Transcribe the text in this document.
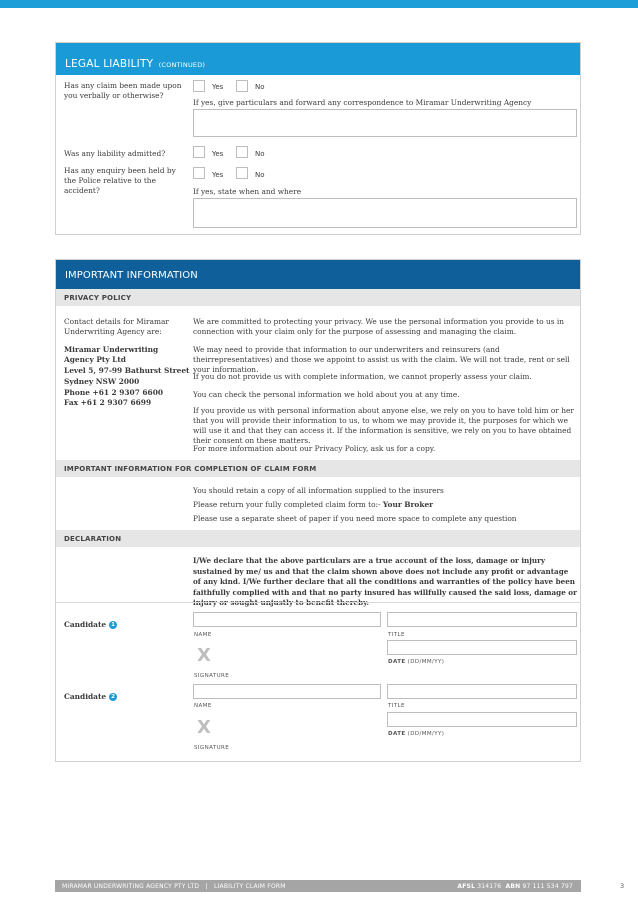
LEGAL LIABILITY (CONTINUED)
Has any claim been made upon you verbally or otherwise?
Yes	No
If yes, give particulars and forward any correspondence to Miramar Underwriting Agency
Was any liability admitted?	Yes	No
Has any enquiry been held by the Police relative to the accident?
Yes	No
If yes, state when and where
IMPORTANT INFORMATION
PRIVACY POLICY
Contact details for Miramar Underwriting Agency are:
Miramar Underwriting
Agency Pty Ltd
Level 5, 97-99 Bathurst Street
Sydney NSW 2000
Phone +61 2 9307 6600
Fax +61 2 9307 6699
We are committed to protecting your privacy. We use the personal information you provide to us in connection with your claim only for the purpose of assessing and managing the claim.
We may need to provide that information to our underwriters and reinsurers (and theirrepresentatives) and those we appoint to assist us with the claim. We will not trade, rent or sell your information.
If you do not provide us with complete information, we cannot properly assess your claim.
You can check the personal information we hold about you at any time.
If you provide us with personal information about anyone else, we rely on you to have told him or her that you will provide their information to us, to whom we may provide it, the purposes for which we will use it and that they can access it. If the information is sensitive, we rely on you to have obtained their consent on these matters.
For more information about our Privacy Policy, ask us for a copy.
IMPORTANT INFORMATION FOR COMPLETION OF CLAIM FORM
You should retain a copy of all information supplied to the insurers
Please return your fully completed claim form to:- Your Broker
Please use a separate sheet of paper if you need more space to complete any question
DECLARATION
I/We declare that the above particulars are a true account of the loss, damage or injury sustained by me/ us and that the claim shown above does not include any profit or advantage of any kind. I/We further declare that all the conditions and warranties of the policy have been faithfully complied with and that no party insured has willfully caused the said loss, damage or
Candidate 1
NAME	TITLE
X
SIGNATURE
DATE (DD/MM/YY)
Candidate 2
NAME	TITLE
X
SIGNATURE
DATE (DD/MM/YY)
MIRAMAR UNDERWRITING AGENCY PTY LTD   |   LIABILITY CLAIM FORM	AFSL 314176 ABN 97 111 534 797	3
